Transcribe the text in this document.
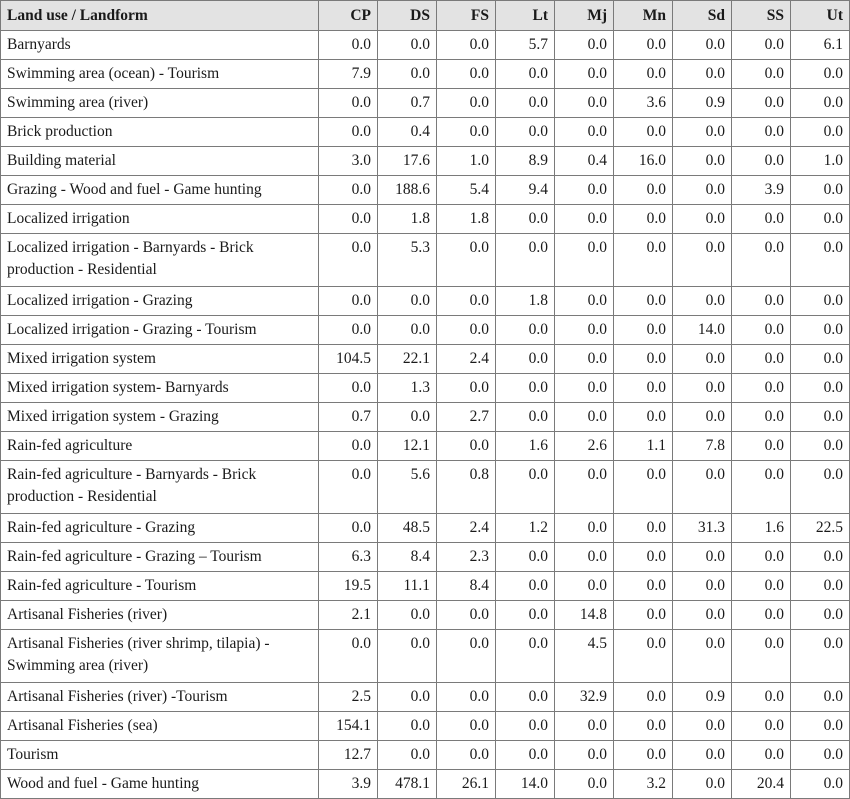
Land use / Landform	CP	DS	FS	Lt	Mj	Mn	Sd	SS	Ut
Barnyards	0.0	0.0	0.0	5.7	0.0	0.0	0.0	0.0	6.1
Swimming area (ocean) - Tourism	7.9	0.0	0.0	0.0	0.0	0.0	0.0	0.0	0.0
Swimming area (river)	0.0	0.7	0.0	0.0	0.0	3.6	0.9	0.0	0.0
Brick production	0.0	0.4	0.0	0.0	0.0	0.0	0.0	0.0	0.0
Building material	3.0	17.6	1.0	8.9	0.4	16.0	0.0	0.0	1.0
Grazing - Wood and fuel - Game hunting	0.0	188.6	5.4	9.4	0.0	0.0	0.0	3.9	0.0
Localized irrigation	0.0	1.8	1.8	0.0	0.0	0.0	0.0	0.0	0.0
Localized irrigation - Barnyards - Brick production - Residential	0.0	5.3	0.0	0.0	0.0	0.0	0.0	0.0	0.0
Localized irrigation - Grazing	0.0	0.0	0.0	1.8	0.0	0.0	0.0	0.0	0.0
Localized irrigation - Grazing - Tourism	0.0	0.0	0.0	0.0	0.0	0.0	14.0	0.0	0.0
Mixed irrigation system	104.5	22.1	2.4	0.0	0.0	0.0	0.0	0.0	0.0
Mixed irrigation system- Barnyards	0.0	1.3	0.0	0.0	0.0	0.0	0.0	0.0	0.0
Mixed irrigation system - Grazing	0.7	0.0	2.7	0.0	0.0	0.0	0.0	0.0	0.0
Rain-fed agriculture	0.0	12.1	0.0	1.6	2.6	1.1	7.8	0.0	0.0
Rain-fed agriculture - Barnyards - Brick production - Residential	0.0	5.6	0.8	0.0	0.0	0.0	0.0	0.0	0.0
Rain-fed agriculture - Grazing	0.0	48.5	2.4	1.2	0.0	0.0	31.3	1.6	22.5
Rain-fed agriculture - Grazing – Tourism	6.3	8.4	2.3	0.0	0.0	0.0	0.0	0.0	0.0
Rain-fed agriculture - Tourism	19.5	11.1	8.4	0.0	0.0	0.0	0.0	0.0	0.0
Artisanal Fisheries (river)	2.1	0.0	0.0	0.0	14.8	0.0	0.0	0.0	0.0
Artisanal Fisheries (river shrimp, tilapia) - Swimming area (river)	0.0	0.0	0.0	0.0	4.5	0.0	0.0	0.0	0.0
Artisanal Fisheries (river) -Tourism	2.5	0.0	0.0	0.0	32.9	0.0	0.9	0.0	0.0
Artisanal Fisheries (sea)	154.1	0.0	0.0	0.0	0.0	0.0	0.0	0.0	0.0
Tourism	12.7	0.0	0.0	0.0	0.0	0.0	0.0	0.0	0.0
Wood and fuel - Game hunting	3.9	478.1	26.1	14.0	0.0	3.2	0.0	20.4	0.0
